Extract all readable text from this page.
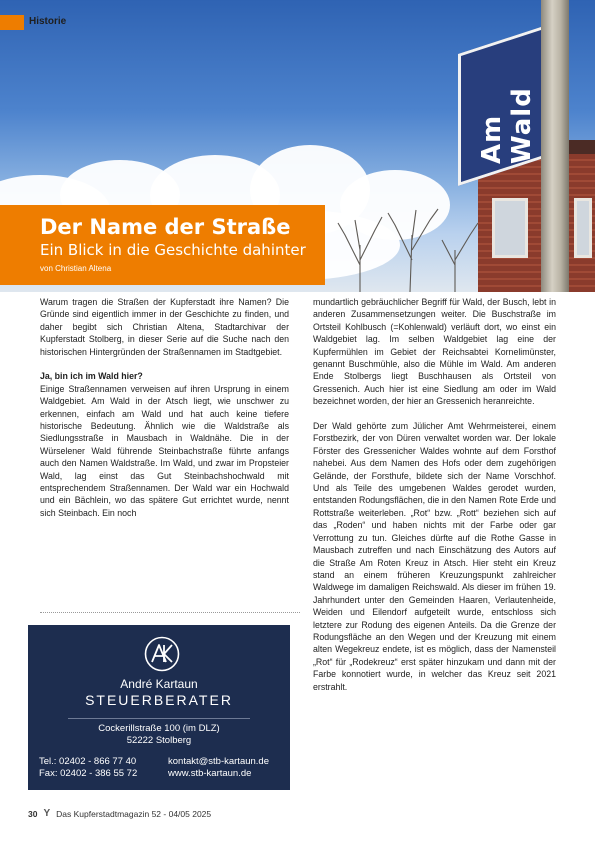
Am Wald
Historie
Der Name der Straße
Ein Blick in die Geschichte dahinter
von Christian Altena

Warum tragen die Straßen der Kupferstadt ihre Namen? Die Gründe sind eigentlich immer in der Geschichte zu finden, und daher begibt sich Christian Altena, Stadtarchivar der Kupferstadt Stolberg, in dieser Serie auf die Suche nach den historischen Hintergründen der Straßennamen im Stadtgebiet.

Ja, bin ich im Wald hier?

Einige Straßennamen verweisen auf ihren Ursprung in einem Waldgebiet. Am Wald in der Atsch liegt, wie unschwer zu erkennen, einfach am Wald und hat auch keine tiefere historische Bedeutung. Ähnlich wie die Waldstraße als Siedlungsstraße in Mausbach in Waldnähe. Die in der Würselener Wald führende Steinbachstraße führte anfangs auch den Namen Waldstraße. Im Wald, und zwar im Propsteier Wald, lag einst das Gut Steinbachshochwald mit entsprechendem Straßennamen. Der Wald war ein Hochwald und ein Bächlein, wo das spätere Gut errichtet wurde, nennt sich Steinbach. Ein noch

mundartlich gebräuchlicher Begriff für Wald, der Busch, lebt in anderen Zusammensetzungen weiter. Die Buschstraße im Ortsteil Kohlbusch (=Kohlenwald) verläuft dort, wo einst ein Waldgebiet lag. Im selben Waldgebiet lag eine der Kupfermühlen im Gebiet der Reichsabtei Kornelimünster, genannt Buschmühle, also die Mühle im Wald. Am anderen Ende Stolbergs liegt Buschhausen als Ortsteil von Gressenich. Auch hier ist eine Siedlung am oder im Wald bezeichnet worden, der hier an Gressenich heranreichte.

Der Wald gehörte zum Jülicher Amt Wehrmeisterei, einem Forstbezirk, der von Düren verwaltet worden war. Der lokale Förster des Gressenicher Waldes wohnte auf dem Forsthof nahebei. Aus dem Namen des Hofs oder dem zugehörigen Gelände, der Forsthufe, bildete sich der Name Vorschhof. Und als Teile des umgebenen Waldes gerodet wurden, entstanden Rodungsflächen, die in den Namen Rote Erde und Rottstraße weiterleben. „Rot“ bzw. „Rott“ beziehen sich auf das „Roden“ und haben nichts mit der Farbe oder gar Verrottung zu tun. Gleiches dürfte auf die Rothe Gasse in Mausbach zutreffen und nach Einschätzung des Autors auf die Straße Am Roten Kreuz in Atsch. Hier steht ein Kreuz stand an einem früheren Kreuzungspunkt zahlreicher Waldwege im damaligen Reichswald. Als dieser im frühen 19. Jahrhundert unter den Gemeinden Haaren, Verlautenheide, Weiden und Eilendorf aufgeteilt wurde, entschloss sich letztere zur Rodung des eigenen Anteils. Da die Grenze der Rodungsfläche an den Wegen und der Kreuzung mit einem alten Wegekreuz endete, ist es möglich, dass der Namensteil „Rot“ für „Rodekreuz“ erst später hinzukam und dann mit der Farbe konnotiert wurde, in welcher das Kreuz seit 2021 erstrahlt.

André Kartaun
STEUERBERATER
Cockerillstraße 100 (im DLZ)
52222 Stolberg
Tel.: 02402 - 866 77 40
Fax: 02402 - 386 55 72
kontakt@stb-kartaun.de
www.stb-kartaun.de
30 Y Das Kupferstadtmagazin 52 - 04/05 2025
